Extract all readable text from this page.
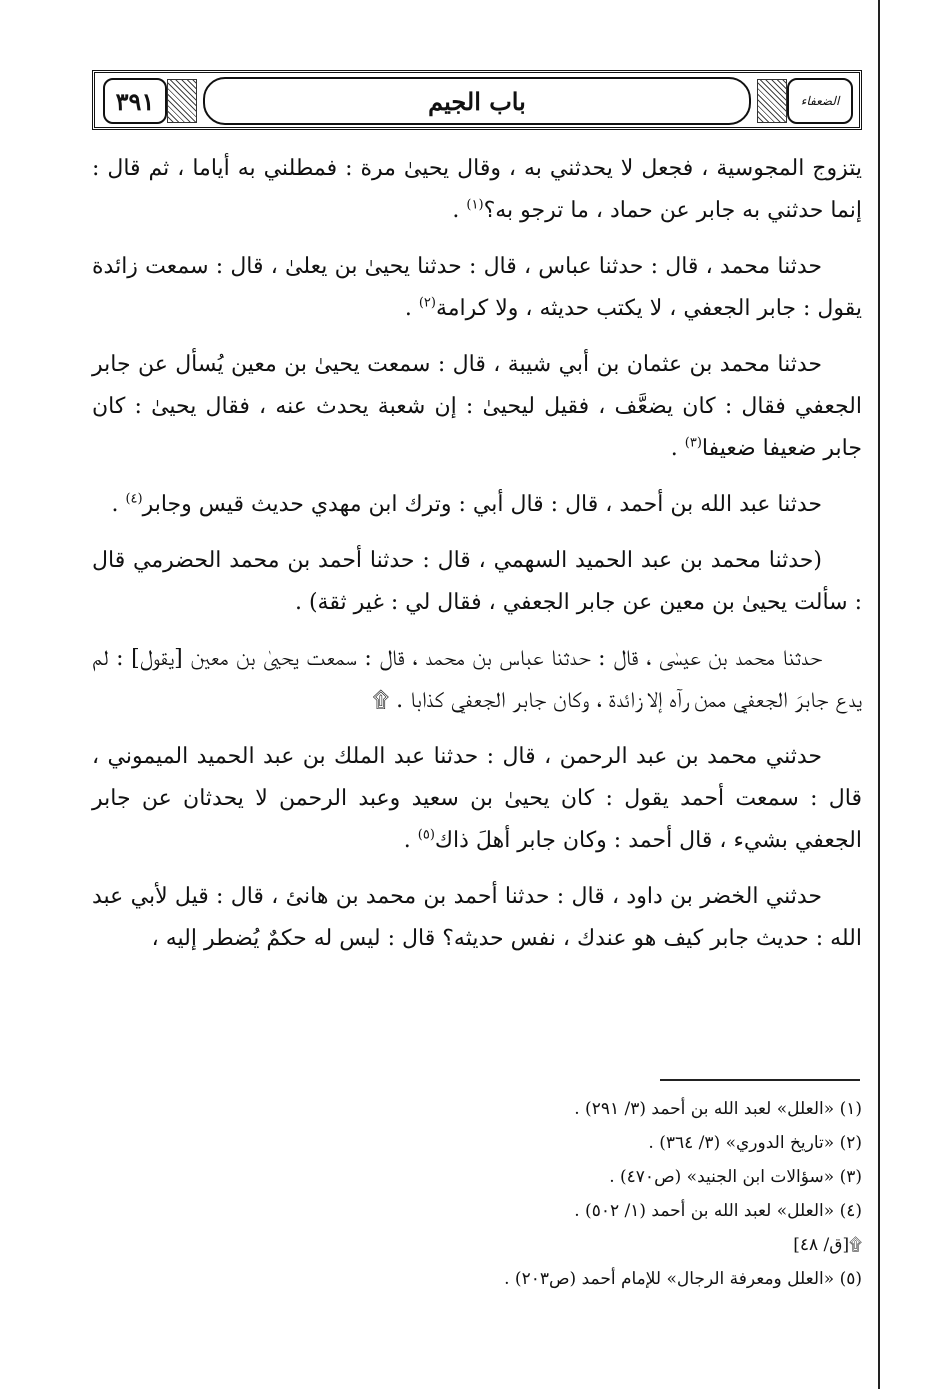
٣٩١	باب الجيم	الضعفاء

يتزوج المجوسية ، فجعل لا يحدثني به ، وقال يحيىٰ مرة : فمطلني به أياما ، ثم قال : إنما حدثني به جابر عن حماد ، ما ترجو به؟$^{(١)}$ .

حدثنا محمد ، قال : حدثنا عباس ، قال : حدثنا يحيىٰ بن يعلىٰ ، قال : سمعت زائدة يقول : جابر الجعفي ، لا يكتب حديثه ، ولا كرامة$^{(٢)}$ .

حدثنا محمد بن عثمان بن أبي شيبة ، قال : سمعت يحيىٰ بن معين يُسأل عن جابر الجعفي فقال : كان يضعَّف ، فقيل ليحيىٰ : إن شعبة يحدث عنه ، فقال يحيىٰ : كان جابر ضعيفا ضعيفا$^{(٣)}$ .

حدثنا عبد الله بن أحمد ، قال : قال أبي : وترك ابن مهدي حديث قيس وجابر$^{(٤)}$ .

(حدثنا محمد بن عبد الحميد السهمي ، قال : حدثنا أحمد بن محمد الحضرمي قال : سألت يحيىٰ بن معين عن جابر الجعفي ، فقال لي : غير ثقة) .

حدثنا محمد بن عيسىٰ ، قال : حدثنا عباس بن محمد ، قال : سمعت يحيىٰ بن معين [يقول] : لم يدع جابرَ الجعفي ممن رآه إلا زائدة ، وكان جابر الجعفي كذابا . ۩

حدثني محمد بن عبد الرحمن ، قال : حدثنا عبد الملك بن عبد الحميد الميموني ، قال : سمعت أحمد يقول : كان يحيىٰ بن سعيد وعبد الرحمن لا يحدثان عن جابر الجعفي بشيء ، قال أحمد : وكان جابر أهلَ ذاك$^{(٥)}$ .

حدثني الخضر بن داود ، قال : حدثنا أحمد بن محمد بن هانئ ، قال : قيل لأبي عبد الله : حديث جابر كيف هو عندك ، نفس حديثه؟ قال : ليس له حكمٌ يُضطر إليه ،

(١) «العلل» لعبد الله بن أحمد (٣/ ٢٩١) .

(٢) «تاريخ الدوري» (٣/ ٣٦٤) .

(٣) «سؤالات ابن الجنيد» (ص٤٧٠) .

(٤) «العلل» لعبد الله بن أحمد (١/ ٥٠٢) .

۩[ق/ ٤٨]

(٥) «العلل ومعرفة الرجال» للإمام أحمد (ص٢٠٣) .
